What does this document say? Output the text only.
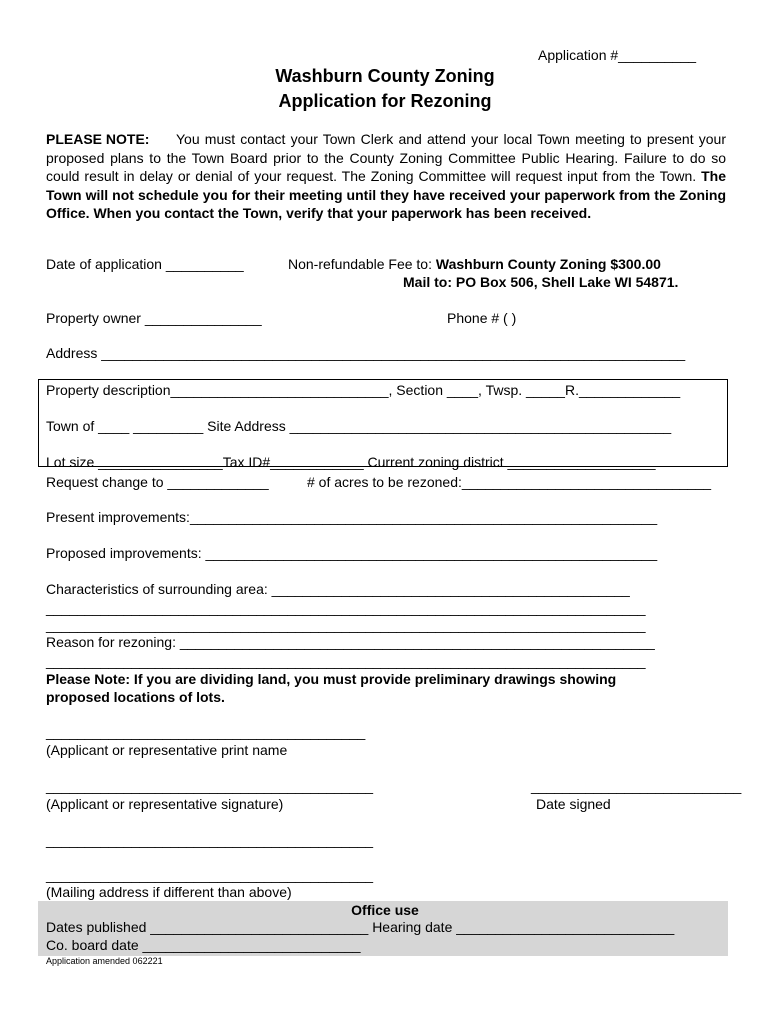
Application #__________
Washburn County Zoning
Application for Rezoning
PLEASE NOTE: You must contact your Town Clerk and attend your local Town meeting to present your proposed plans to the Town Board prior to the County Zoning Committee Public Hearing. Failure to do so could result in delay or denial of your request. The Zoning Committee will request input from the Town. The Town will not schedule you for their meeting until they have received your paperwork from the Zoning Office. When you contact the Town, verify that your paperwork has been received.
Date of application __________	Non-refundable Fee to: Washburn County Zoning $300.00
Mail to: PO Box 506, Shell Lake WI 54871.
Property owner _______________	Phone # ( )
Address ___________________________________________________________________________
Property description____________________________, Section ____, Twsp. _____R._____________
Town of ____ _________ Site Address _________________________________________________
Lot size ________________Tax ID#____________ Current zoning district ___________________
Request change to _____________	# of acres to be rezoned:________________________________
Present improvements:____________________________________________________________
Proposed improvements: __________________________________________________________
Characteristics of surrounding area: ______________________________________________
_____________________________________________________________________________
_____________________________________________________________________________
Reason for rezoning: _____________________________________________________________
_____________________________________________________________________________
Please Note: If you are dividing land, you must provide preliminary drawings showing
proposed locations of lots.
_________________________________________
(Applicant or representative print name
__________________________________________
(Applicant or representative signature)
___________________________
Date signed
__________________________________________
__________________________________________
(Mailing address if different than above)
Office use
Dates published ____________________________ Hearing date ____________________________
Co. board date ____________________________
Application amended 062221
